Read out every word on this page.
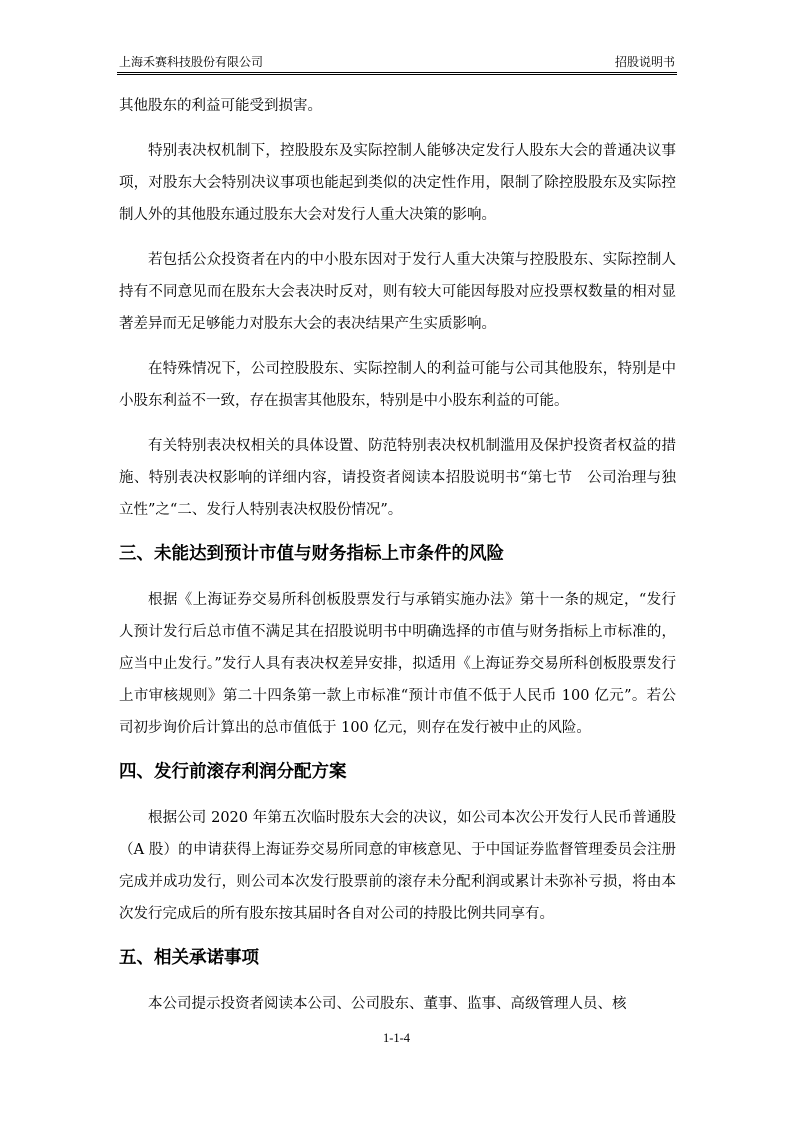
上海禾赛科技股份有限公司	招股说明书

其他股东的利益可能受到损害。

特别表决权机制下，控股股东及实际控制人能够决定发行人股东大会的普通决议事项，对股东大会特别决议事项也能起到类似的决定性作用，限制了除控股股东及实际控制人外的其他股东通过股东大会对发行人重大决策的影响。

若包括公众投资者在内的中小股东因对于发行人重大决策与控股股东、实际控制人持有不同意见而在股东大会表决时反对，则有较大可能因每股对应投票权数量的相对显著差异而无足够能力对股东大会的表决结果产生实质影响。

在特殊情况下，公司控股股东、实际控制人的利益可能与公司其他股东，特别是中小股东利益不一致，存在损害其他股东，特别是中小股东利益的可能。

有关特别表决权相关的具体设置、防范特别表决权机制滥用及保护投资者权益的措施、特别表决权影响的详细内容，请投资者阅读本招股说明书“第七节　公司治理与独立性”之“二、发行人特别表决权股份情况”。

三、未能达到预计市值与财务指标上市条件的风险

根据《上海证券交易所科创板股票发行与承销实施办法》第十一条的规定，“发行人预计发行后总市值不满足其在招股说明书中明确选择的市值与财务指标上市标准的，应当中止发行。”发行人具有表决权差异安排，拟适用《上海证券交易所科创板股票发行上市审核规则》第二十四条第一款上市标准“预计市值不低于人民币 100 亿元”。若公司初步询价后计算出的总市值低于 100 亿元，则存在发行被中止的风险。

四、发行前滚存利润分配方案

根据公司 2020 年第五次临时股东大会的决议，如公司本次公开发行人民币普通股（A 股）的申请获得上海证券交易所同意的审核意见、于中国证券监督管理委员会注册完成并成功发行，则公司本次发行股票前的滚存未分配利润或累计未弥补亏损，将由本次发行完成后的所有股东按其届时各自对公司的持股比例共同享有。

五、相关承诺事项

本公司提示投资者阅读本公司、公司股东、董事、监事、高级管理人员、核

1-1-4
